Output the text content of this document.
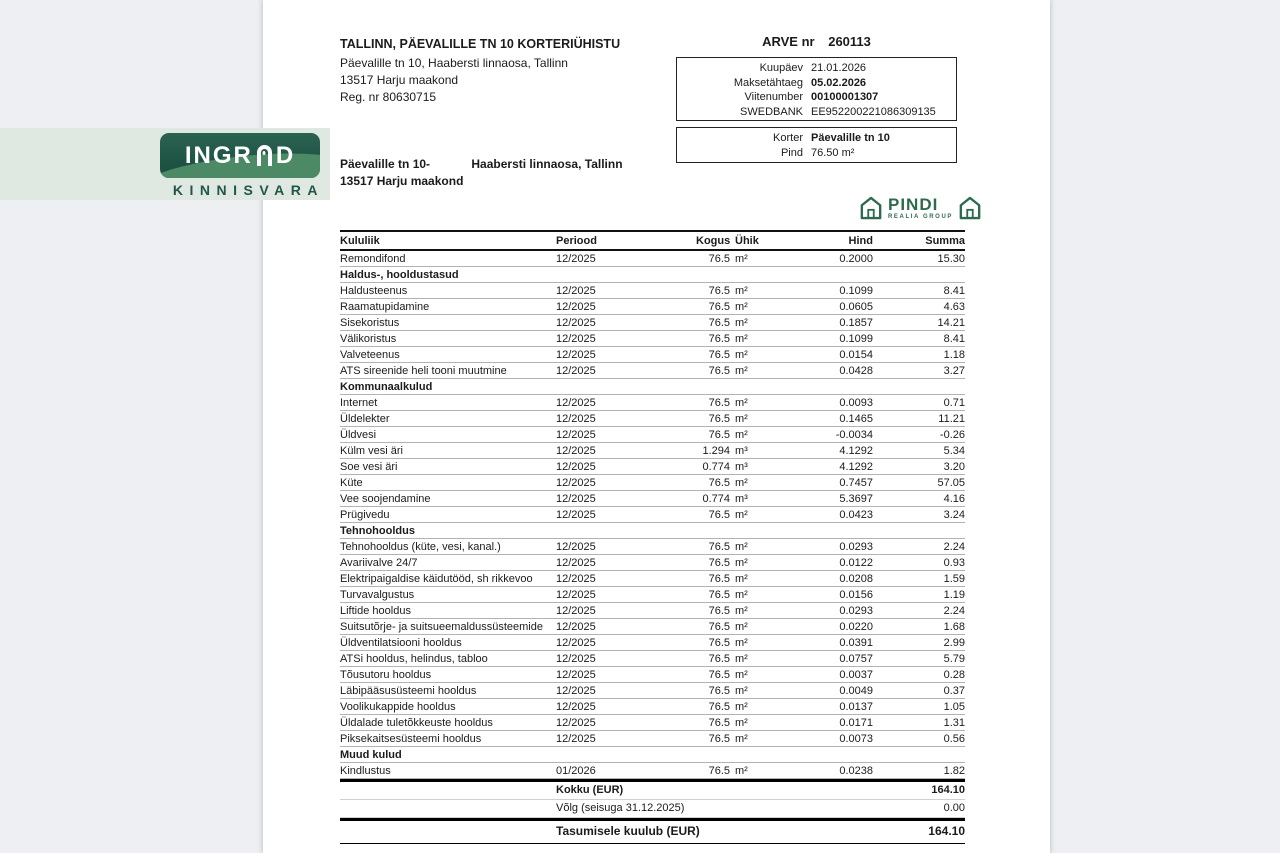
TALLINN, PÄEVALILLE TN 10 KORTERIÜHISTU
Päevalille tn 10, Haabersti linnaosa, Tallinn
13517 Harju maakond
Reg. nr 80630715
ARVE nr 260113
Kuupäev 21.01.2026
Maksetähtaeg 05.02.2026
Viitenumber 00100001307
SWEDBANK EE952200221086309135
Korter Päevalille tn 10
Pind 76.50 m²
Päevalille tn 10-	Haabersti linnaosa, Tallinn
13517 Harju maakond
PINDI
REALIA GROUP
Kululiik	Periood	Kogus Ühik	Hind	Summa
Remondifond	12/2025	76.5 m²	0.2000	15.30
Haldus-, hooldustasud
Haldusteenus	12/2025	76.5 m²	0.1099	8.41
Raamatupidamine	12/2025	76.5 m²	0.0605	4.63
Sisekoristus	12/2025	76.5 m²	0.1857	14.21
Välikoristus	12/2025	76.5 m²	0.1099	8.41
Valveteenus	12/2025	76.5 m²	0.0154	1.18
ATS sireenide heli tooni muutmine	12/2025	76.5 m²	0.0428	3.27
Kommunaalkulud
Internet	12/2025	76.5 m²	0.0093	0.71
Üldelekter	12/2025	76.5 m²	0.1465	11.21
Üldvesi	12/2025	76.5 m²	-0.0034	-0.26
Külm vesi äri	12/2025	1.294 m³	4.1292	5.34
Soe vesi äri	12/2025	0.774 m³	4.1292	3.20
Küte	12/2025	76.5 m²	0.7457	57.05
Vee soojendamine	12/2025	0.774 m³	5.3697	4.16
Prügivedu	12/2025	76.5 m²	0.0423	3.24
Tehnohooldus
Tehnohooldus (küte, vesi, kanal.)	12/2025	76.5 m²	0.0293	2.24
Avariivalve 24/7	12/2025	76.5 m²	0.0122	0.93
Elektripaigaldise käidutööd, sh rikkevoo	12/2025	76.5 m²	0.0208	1.59
Turvavalgustus	12/2025	76.5 m²	0.0156	1.19
Liftide hooldus	12/2025	76.5 m²	0.0293	2.24
Suitsutõrje- ja suitsueemaldussüsteemide	12/2025	76.5 m²	0.0220	1.68
Üldventilatsiooni hooldus	12/2025	76.5 m²	0.0391	2.99
ATSi hooldus, helindus, tabloo	12/2025	76.5 m²	0.0757	5.79
Tõusutoru hooldus	12/2025	76.5 m²	0.0037	0.28
Läbipääsusüsteemi hooldus	12/2025	76.5 m²	0.0049	0.37
Voolikukappide hooldus	12/2025	76.5 m²	0.0137	1.05
Üldalade tuletõkkeuste hooldus	12/2025	76.5 m²	0.0171	1.31
Piksekaitsesüsteemi hooldus	12/2025	76.5 m²	0.0073	0.56
Muud kulud
Kindlustus	01/2026	76.5 m²	0.0238	1.82
Kokku (EUR)	164.10
Võlg (seisuga 31.12.2025)	0.00
Tasumisele kuulub (EUR)	164.10
INGR D
KINNISVARA
